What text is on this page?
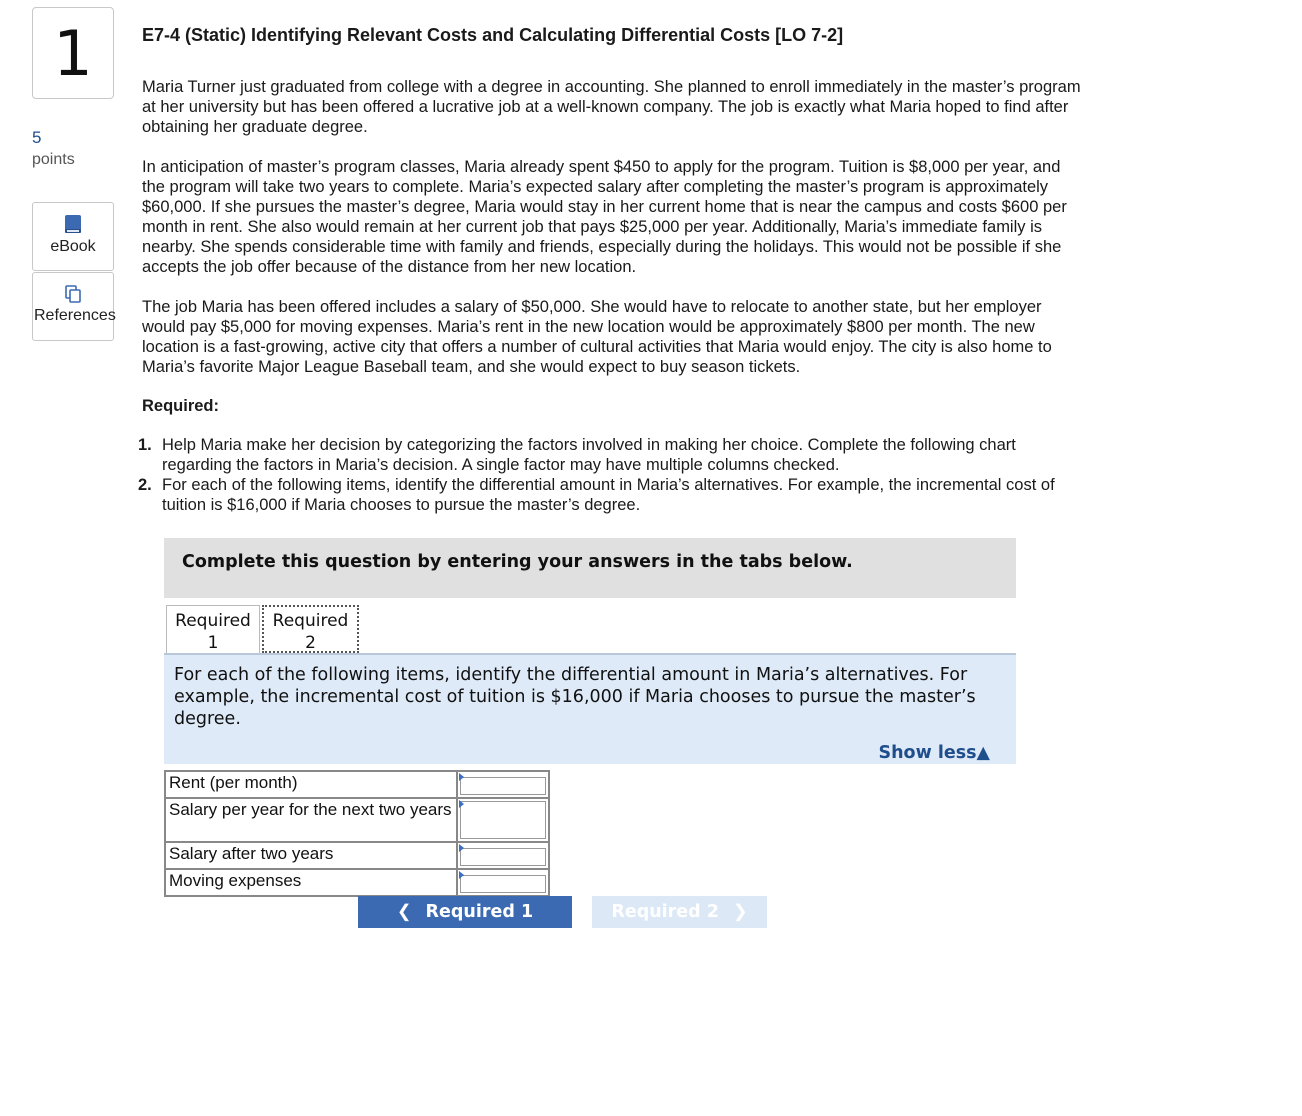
1
5
points
eBook
References
E7-4 (Static) Identifying Relevant Costs and Calculating Differential Costs [LO 7-2]

Maria Turner just graduated from college with a degree in accounting. She planned to enroll immediately in the master’s program at her university but has been offered a lucrative job at a well-known company. The job is exactly what Maria hoped to find after obtaining her graduate degree.

In anticipation of master’s program classes, Maria already spent $450 to apply for the program. Tuition is $8,000 per year, and the program will take two years to complete. Maria’s expected salary after completing the master’s program is approximately $60,000. If she pursues the master’s degree, Maria would stay in her current home that is near the campus and costs $600 per month in rent. She also would remain at her current job that pays $25,000 per year. Additionally, Maria’s immediate family is nearby. She spends considerable time with family and friends, especially during the holidays. This would not be possible if she accepts the job offer because of the distance from her new location.

The job Maria has been offered includes a salary of $50,000. She would have to relocate to another state, but her employer would pay $5,000 for moving expenses. Maria’s rent in the new location would be approximately $800 per month. The new location is a fast-growing, active city that offers a number of cultural activities that Maria would enjoy. The city is also home to Maria’s favorite Major League Baseball team, and she would expect to buy season tickets.

Required:
1. Help Maria make her decision by categorizing the factors involved in making her choice. Complete the following chart regarding the factors in Maria’s decision. A single factor may have multiple columns checked.
2. For each of the following items, identify the differential amount in Maria’s alternatives. For example, the incremental cost of tuition is $16,000 if Maria chooses to pursue the master’s degree.
Complete this question by entering your answers in the tabs below.
Required
1
Required
2
For each of the following items, identify the differential amount in Maria’s alternatives. For example, the incremental cost of tuition is $16,000 if Maria chooses to pursue the master’s degree.
Show less▲
Rent (per month)	
Salary per year for the next two years	
Salary after two years	
Moving expenses	
❮ Required 1	Required 2 ❯
